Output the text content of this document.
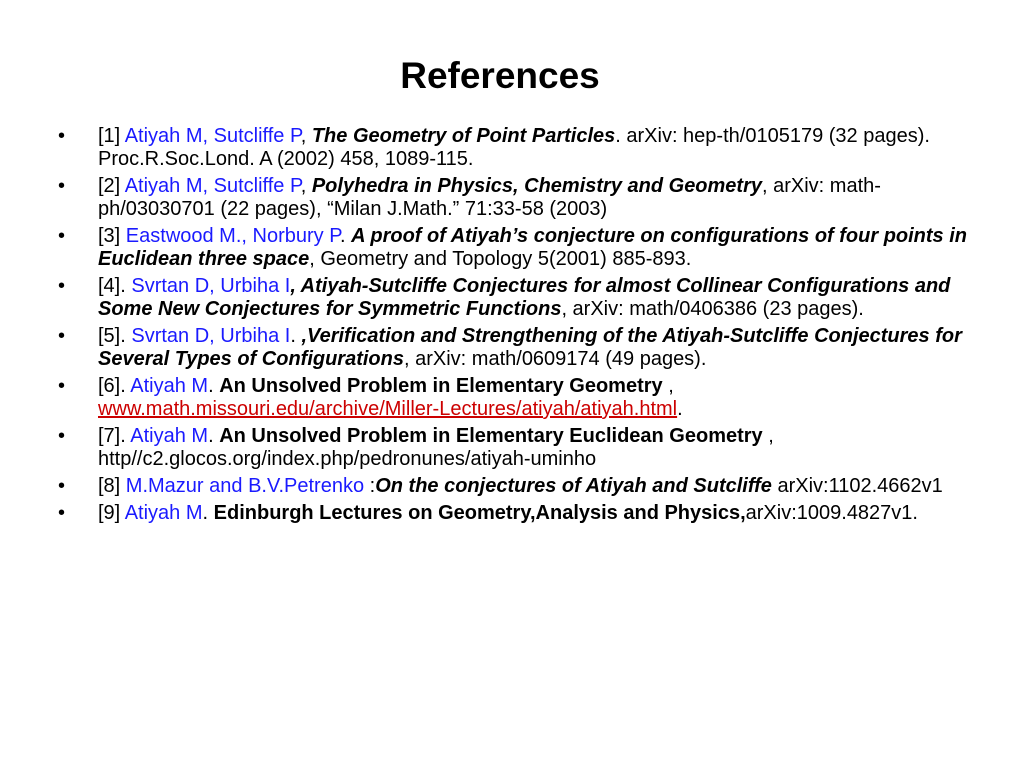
References
• [1] Atiyah M, Sutcliffe P, The Geometry of Point Particles. arXiv: hep-th/0105179 (32 pages). Proc.R.Soc.Lond. A (2002) 458, 1089-115.
• [2] Atiyah M, Sutcliffe P, Polyhedra in Physics, Chemistry and Geometry, arXiv: math-ph/03030701 (22 pages), “Milan J.Math.” 71:33-58 (2003)
• [3] Eastwood M., Norbury P. A proof of Atiyah’s conjecture on configurations of four points in Euclidean three space, Geometry and Topology 5(2001) 885-893.
• [4]. Svrtan D, Urbiha I, Atiyah-Sutcliffe Conjectures for almost Collinear Configurations and Some New Conjectures for Symmetric Functions, arXiv: math/0406386 (23 pages).
• [5]. Svrtan D, Urbiha I. ,Verification and Strengthening of the Atiyah-Sutcliffe Conjectures for Several Types of Configurations, arXiv: math/0609174 (49 pages).
• [6]. Atiyah M. An Unsolved Problem in Elementary Geometry , www.math.missouri.edu/archive/Miller-Lectures/atiyah/atiyah.html.
• [7]. Atiyah M. An Unsolved Problem in Elementary Euclidean Geometry , http//c2.glocos.org/index.php/pedronunes/atiyah-uminho
• [8] M.Mazur and B.V.Petrenko :On the conjectures of Atiyah and Sutcliffe arXiv:1102.4662v1
• [9] Atiyah M. Edinburgh Lectures on Geometry,Analysis and Physics,arXiv:1009.4827v1.
